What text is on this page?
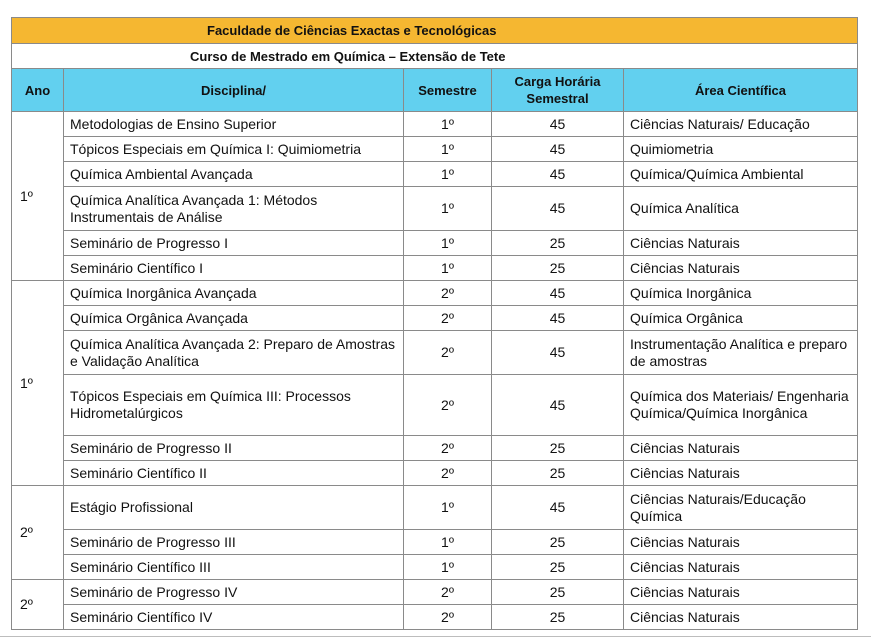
Faculdade de Ciências Exactas e Tecnológicas				
Curso de Mestrado em Química – Extensão de Tete				
Ano	Disciplina/	Semestre	Carga Horária Semestral	Área Científica
1º	Metodologias de Ensino Superior	1º	45	Ciências Naturais/ Educação
	Tópicos Especiais em Química I: Quimiometria	1º	45	Quimiometria
	Química Ambiental Avançada	1º	45	Química/Química Ambiental
	Química Analítica Avançada 1: Métodos Instrumentais de Análise	1º	45	Química Analítica
	Seminário de Progresso I	1º	25	Ciências Naturais
	Seminário Científico I	1º	25	Ciências Naturais
1º	Química Inorgânica Avançada	2º	45	Química Inorgânica
	Química Orgânica Avançada	2º	45	Química Orgânica
	Química Analítica Avançada 2: Preparo de Amostras e Validação Analítica	2º	45	Instrumentação Analítica e preparo de amostras
	Tópicos Especiais em Química III: Processos Hidrometalúrgicos	2º	45	Química dos Materiais/ Engenharia Química/Química Inorgânica
	Seminário de Progresso II	2º	25	Ciências Naturais
	Seminário Científico II	2º	25	Ciências Naturais
2º	Estágio Profissional	1º	45	Ciências Naturais/Educação Química
	Seminário de Progresso III	1º	25	Ciências Naturais
	Seminário Científico III	1º	25	Ciências Naturais
2º	Seminário de Progresso IV	2º	25	Ciências Naturais
	Seminário Científico IV	2º	25	Ciências Naturais
